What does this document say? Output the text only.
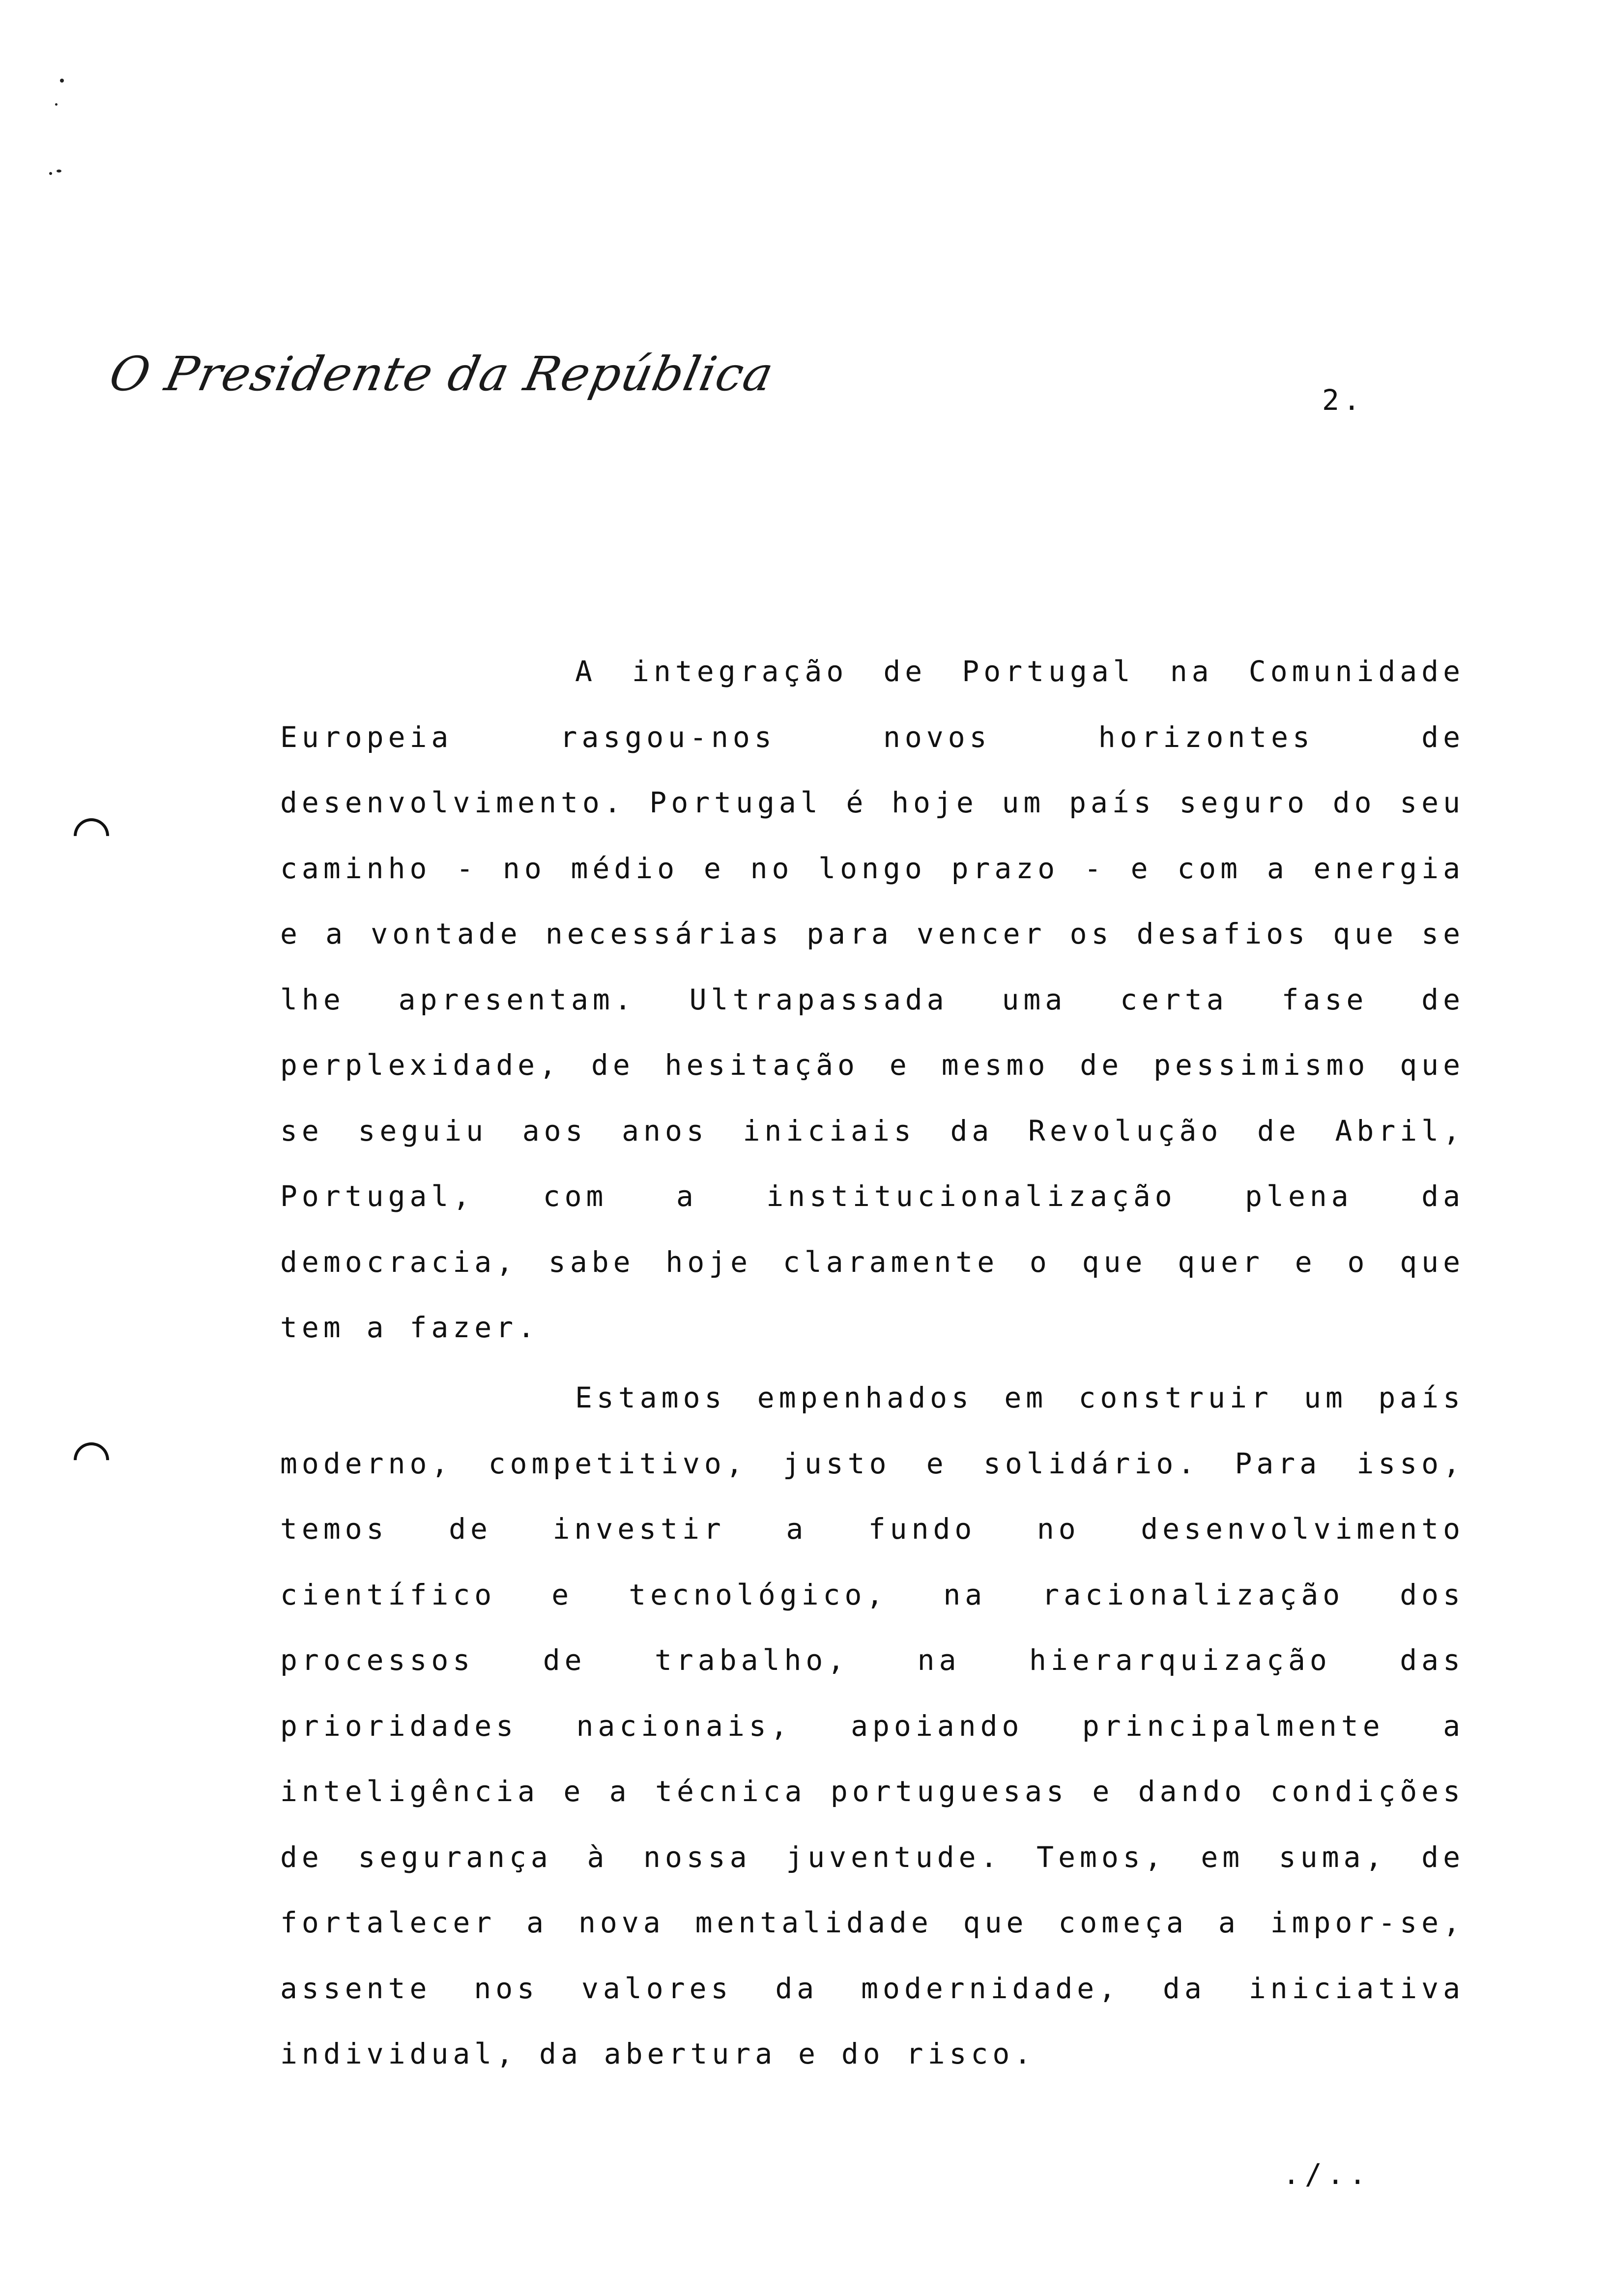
O Presidente da República	2.

A integração de Portugal na Comunidade Europeia rasgou-nos novos horizontes de desenvolvimento. Portugal é hoje um país seguro do seu caminho - no médio e no longo prazo - e com a energia e a vontade necessárias para vencer os desafios que se lhe apresentam. Ultrapassada uma certa fase de perplexidade, de hesitação e mesmo de pessimismo que se seguiu aos anos iniciais da Revolução de Abril, Portugal, com a institucionalização plena da democracia, sabe hoje claramente o que quer e o que tem a fazer.

Estamos empenhados em construir um país moderno, competitivo, justo e solidário. Para isso, temos de investir a fundo no desenvolvimento científico e tecnológico, na racionalização dos processos de trabalho, na hierarquização das prioridades nacionais, apoiando principalmente a inteligência e a técnica portuguesas e dando condições de segurança à nossa juventude. Temos, em suma, de fortalecer a nova mentalidade que começa a impor-se, assente nos valores da modernidade, da iniciativa individual, da abertura e do risco.

./..
